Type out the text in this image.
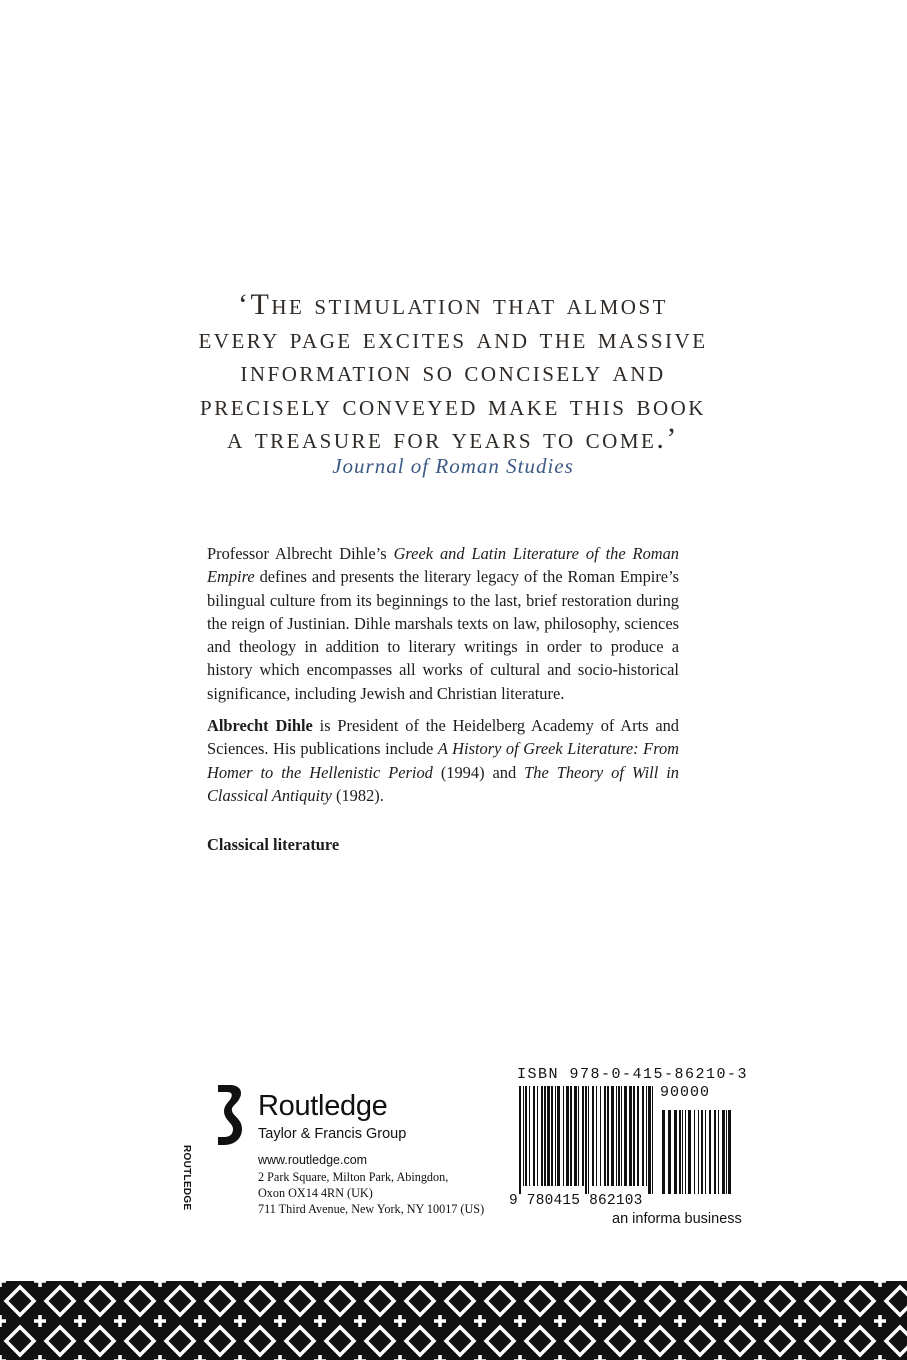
‘The stimulation that almost
every page excites and the massive
information so concisely and
precisely conveyed make this book
a treasure for years to come.’
Journal of Roman Studies

Professor Albrecht Dihle’s Greek and Latin Literature of the Roman Empire defines and presents the literary legacy of the Roman Empire’s bilingual culture from its beginnings to the last, brief restoration during the reign of Justinian. Dihle marshals texts on law, philosophy, sciences and theology in addition to literary writings in order to produce a history which encompasses all works of cultural and socio-historical significance, including Jewish and Christian literature.

Albrecht Dihle is President of the Heidelberg Academy of Arts and Sciences. His publications include A History of Greek Literature: From Homer to the Hellenistic Period (1994) and The Theory of Will in Classical Antiquity (1982).

Classical literature
ROUTLEDGE
Routledge
Taylor & Francis Group
www.routledge.com
2 Park Square, Milton Park, Abingdon,
Oxon OX14 4RN (UK)
711 Third Avenue, New York, NY 10017 (US)
ISBN 978-0-415-86210-3
90000
9 780415 862103
an informa business
